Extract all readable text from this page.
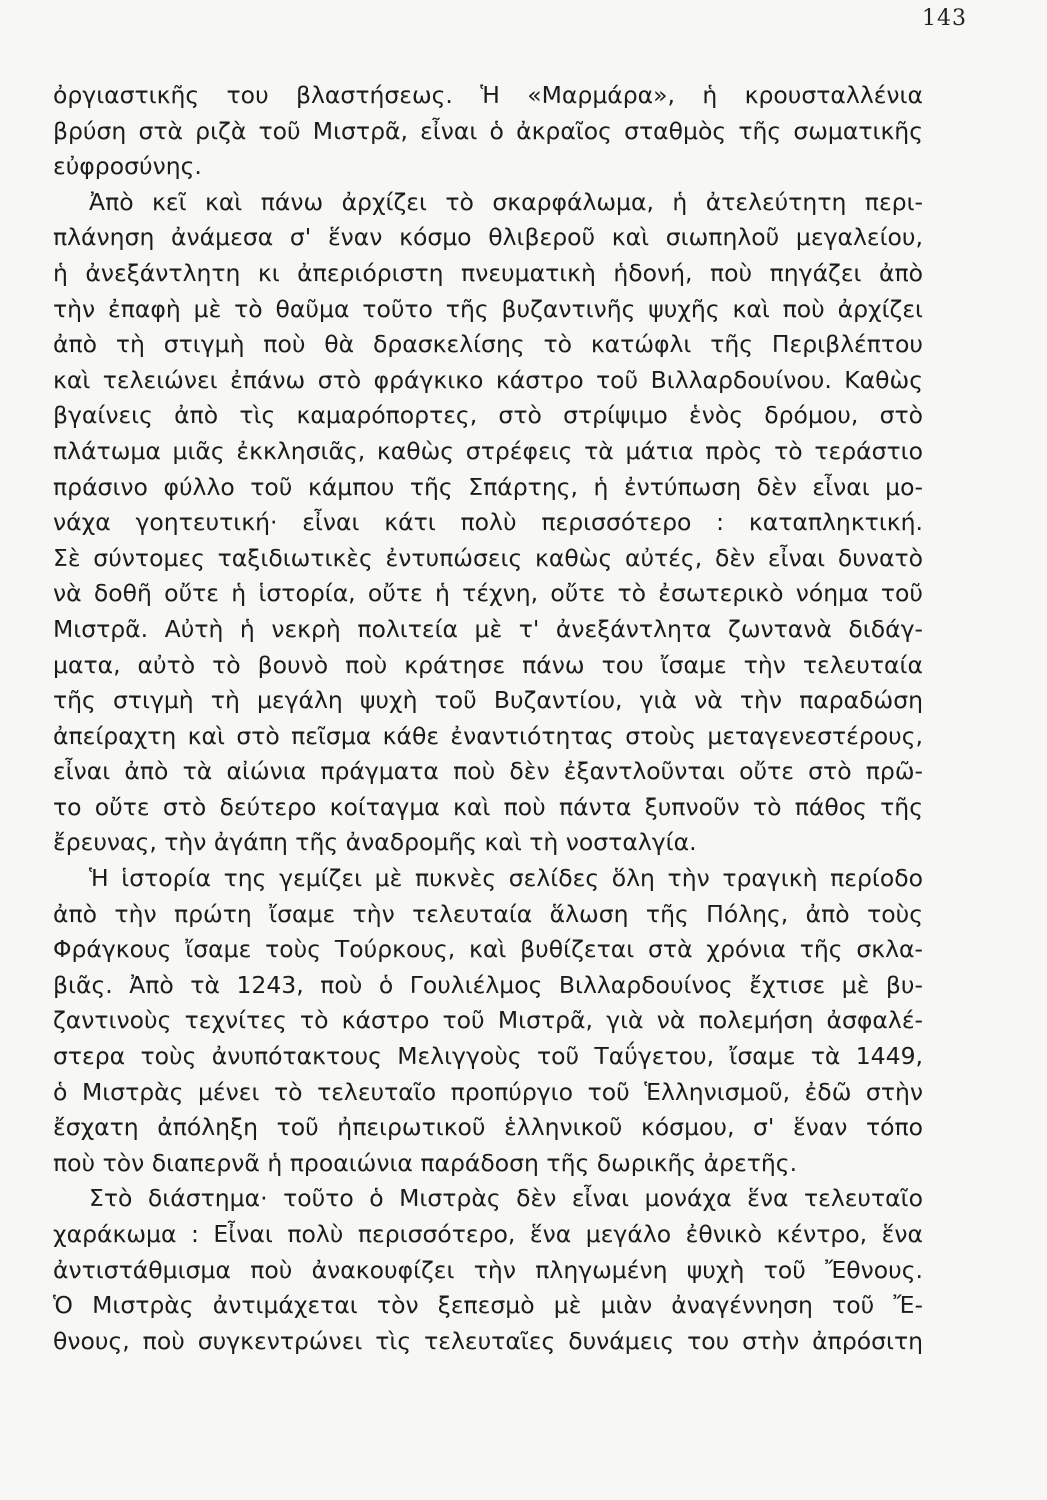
143
ὀργιαστικῆς του βλαστήσεως. Ἡ «Μαρμάρα», ἡ κρουσταλλένια
βρύση στὰ ριζὰ τοῦ Μιστρᾶ, εἶναι ὁ ἀκραῖος σταθμὸς τῆς σωματικῆς
εὐφροσύνης.
Ἀπὸ κεῖ καὶ πάνω ἀρχίζει τὸ σκαρφάλωμα, ἡ ἀτελεύτητη περι-
πλάνηση ἀνάμεσα σ' ἕναν κόσμο θλιβεροῦ καὶ σιωπηλοῦ μεγαλείου,
ἡ ἀνεξάντλητη κι ἀπεριόριστη πνευματικὴ ἡδονή, ποὺ πηγάζει ἀπὸ
τὴν ἐπαφὴ μὲ τὸ θαῦμα τοῦτο τῆς βυζαντινῆς ψυχῆς καὶ ποὺ ἀρχίζει
ἀπὸ τὴ στιγμὴ ποὺ θὰ δρασκελίσης τὸ κατώφλι τῆς Περιβλέπτου
καὶ τελειώνει ἐπάνω στὸ φράγκικο κάστρο τοῦ Βιλλαρδουίνου. Καθὼς
βγαίνεις ἀπὸ τὶς καμαρόπορτες, στὸ στρίψιμο ἑνὸς δρόμου, στὸ
πλάτωμα μιᾶς ἐκκλησιᾶς, καθὼς στρέφεις τὰ μάτια πρὸς τὸ τεράστιο
πράσινο φύλλο τοῦ κάμπου τῆς Σπάρτης, ἡ ἐντύπωση δὲν εἶναι μο-
νάχα γοητευτική· εἶναι κάτι πολὺ περισσότερο : καταπληκτική.
Σὲ σύντομες ταξιδιωτικὲς ἐντυπώσεις καθὼς αὐτές, δὲν εἶναι δυνατὸ
νὰ δοθῆ οὔτε ἡ ἱστορία, οὔτε ἡ τέχνη, οὔτε τὸ ἐσωτερικὸ νόημα τοῦ
Μιστρᾶ. Αὐτὴ ἡ νεκρὴ πολιτεία μὲ τ' ἀνεξάντλητα ζωντανὰ διδάγ-
ματα, αὐτὸ τὸ βουνὸ ποὺ κράτησε πάνω του ἴσαμε τὴν τελευταία
τῆς στιγμὴ τὴ μεγάλη ψυχὴ τοῦ Βυζαντίου, γιὰ νὰ τὴν παραδώση
ἀπείραχτη καὶ στὸ πεῖσμα κάθε ἐναντιότητας στοὺς μεταγενεστέρους,
εἶναι ἀπὸ τὰ αἰώνια πράγματα ποὺ δὲν ἐξαντλοῦνται οὔτε στὸ πρῶ-
το οὔτε στὸ δεύτερο κοίταγμα καὶ ποὺ πάντα ξυπνοῦν τὸ πάθος τῆς
ἔρευνας, τὴν ἀγάπη τῆς ἀναδρομῆς καὶ τὴ νοσταλγία.
Ἡ ἱστορία της γεμίζει μὲ πυκνὲς σελίδες ὅλη τὴν τραγικὴ περίοδο
ἀπὸ τὴν πρώτη ἴσαμε τὴν τελευταία ἅλωση τῆς Πόλης, ἀπὸ τοὺς
Φράγκους ἴσαμε τοὺς Τούρκους, καὶ βυθίζεται στὰ χρόνια τῆς σκλα-
βιᾶς. Ἀπὸ τὰ 1243, ποὺ ὁ Γουλιέλμος Βιλλαρδουίνος ἔχτισε μὲ βυ-
ζαντινοὺς τεχνίτες τὸ κάστρο τοῦ Μιστρᾶ, γιὰ νὰ πολεμήση ἀσφαλέ-
στερα τοὺς ἀνυπότακτους Μελιγγοὺς τοῦ Ταΰγετου, ἴσαμε τὰ 1449,
ὁ Μιστρὰς μένει τὸ τελευταῖο προπύργιο τοῦ Ἑλληνισμοῦ, ἐδῶ στὴν
ἔσχατη ἀπόληξη τοῦ ἠπειρωτικοῦ ἑλληνικοῦ κόσμου, σ' ἕναν τόπο
ποὺ τὸν διαπερνᾶ ἡ προαιώνια παράδοση τῆς δωρικῆς ἀρετῆς.
Στὸ διάστημα· τοῦτο ὁ Μιστρὰς δὲν εἶναι μονάχα ἕνα τελευταῖο
χαράκωμα : Εἶναι πολὺ περισσότερο, ἕνα μεγάλο ἐθνικὸ κέντρο, ἕνα
ἀντιστάθμισμα ποὺ ἀνακουφίζει τὴν πληγωμένη ψυχὴ τοῦ Ἔθνους.
Ὁ Μιστρὰς ἀντιμάχεται τὸν ξεπεσμὸ μὲ μιὰν ἀναγέννηση τοῦ Ἔ-
θνους, ποὺ συγκεντρώνει τὶς τελευταῖες δυνάμεις του στὴν ἀπρόσιτη
